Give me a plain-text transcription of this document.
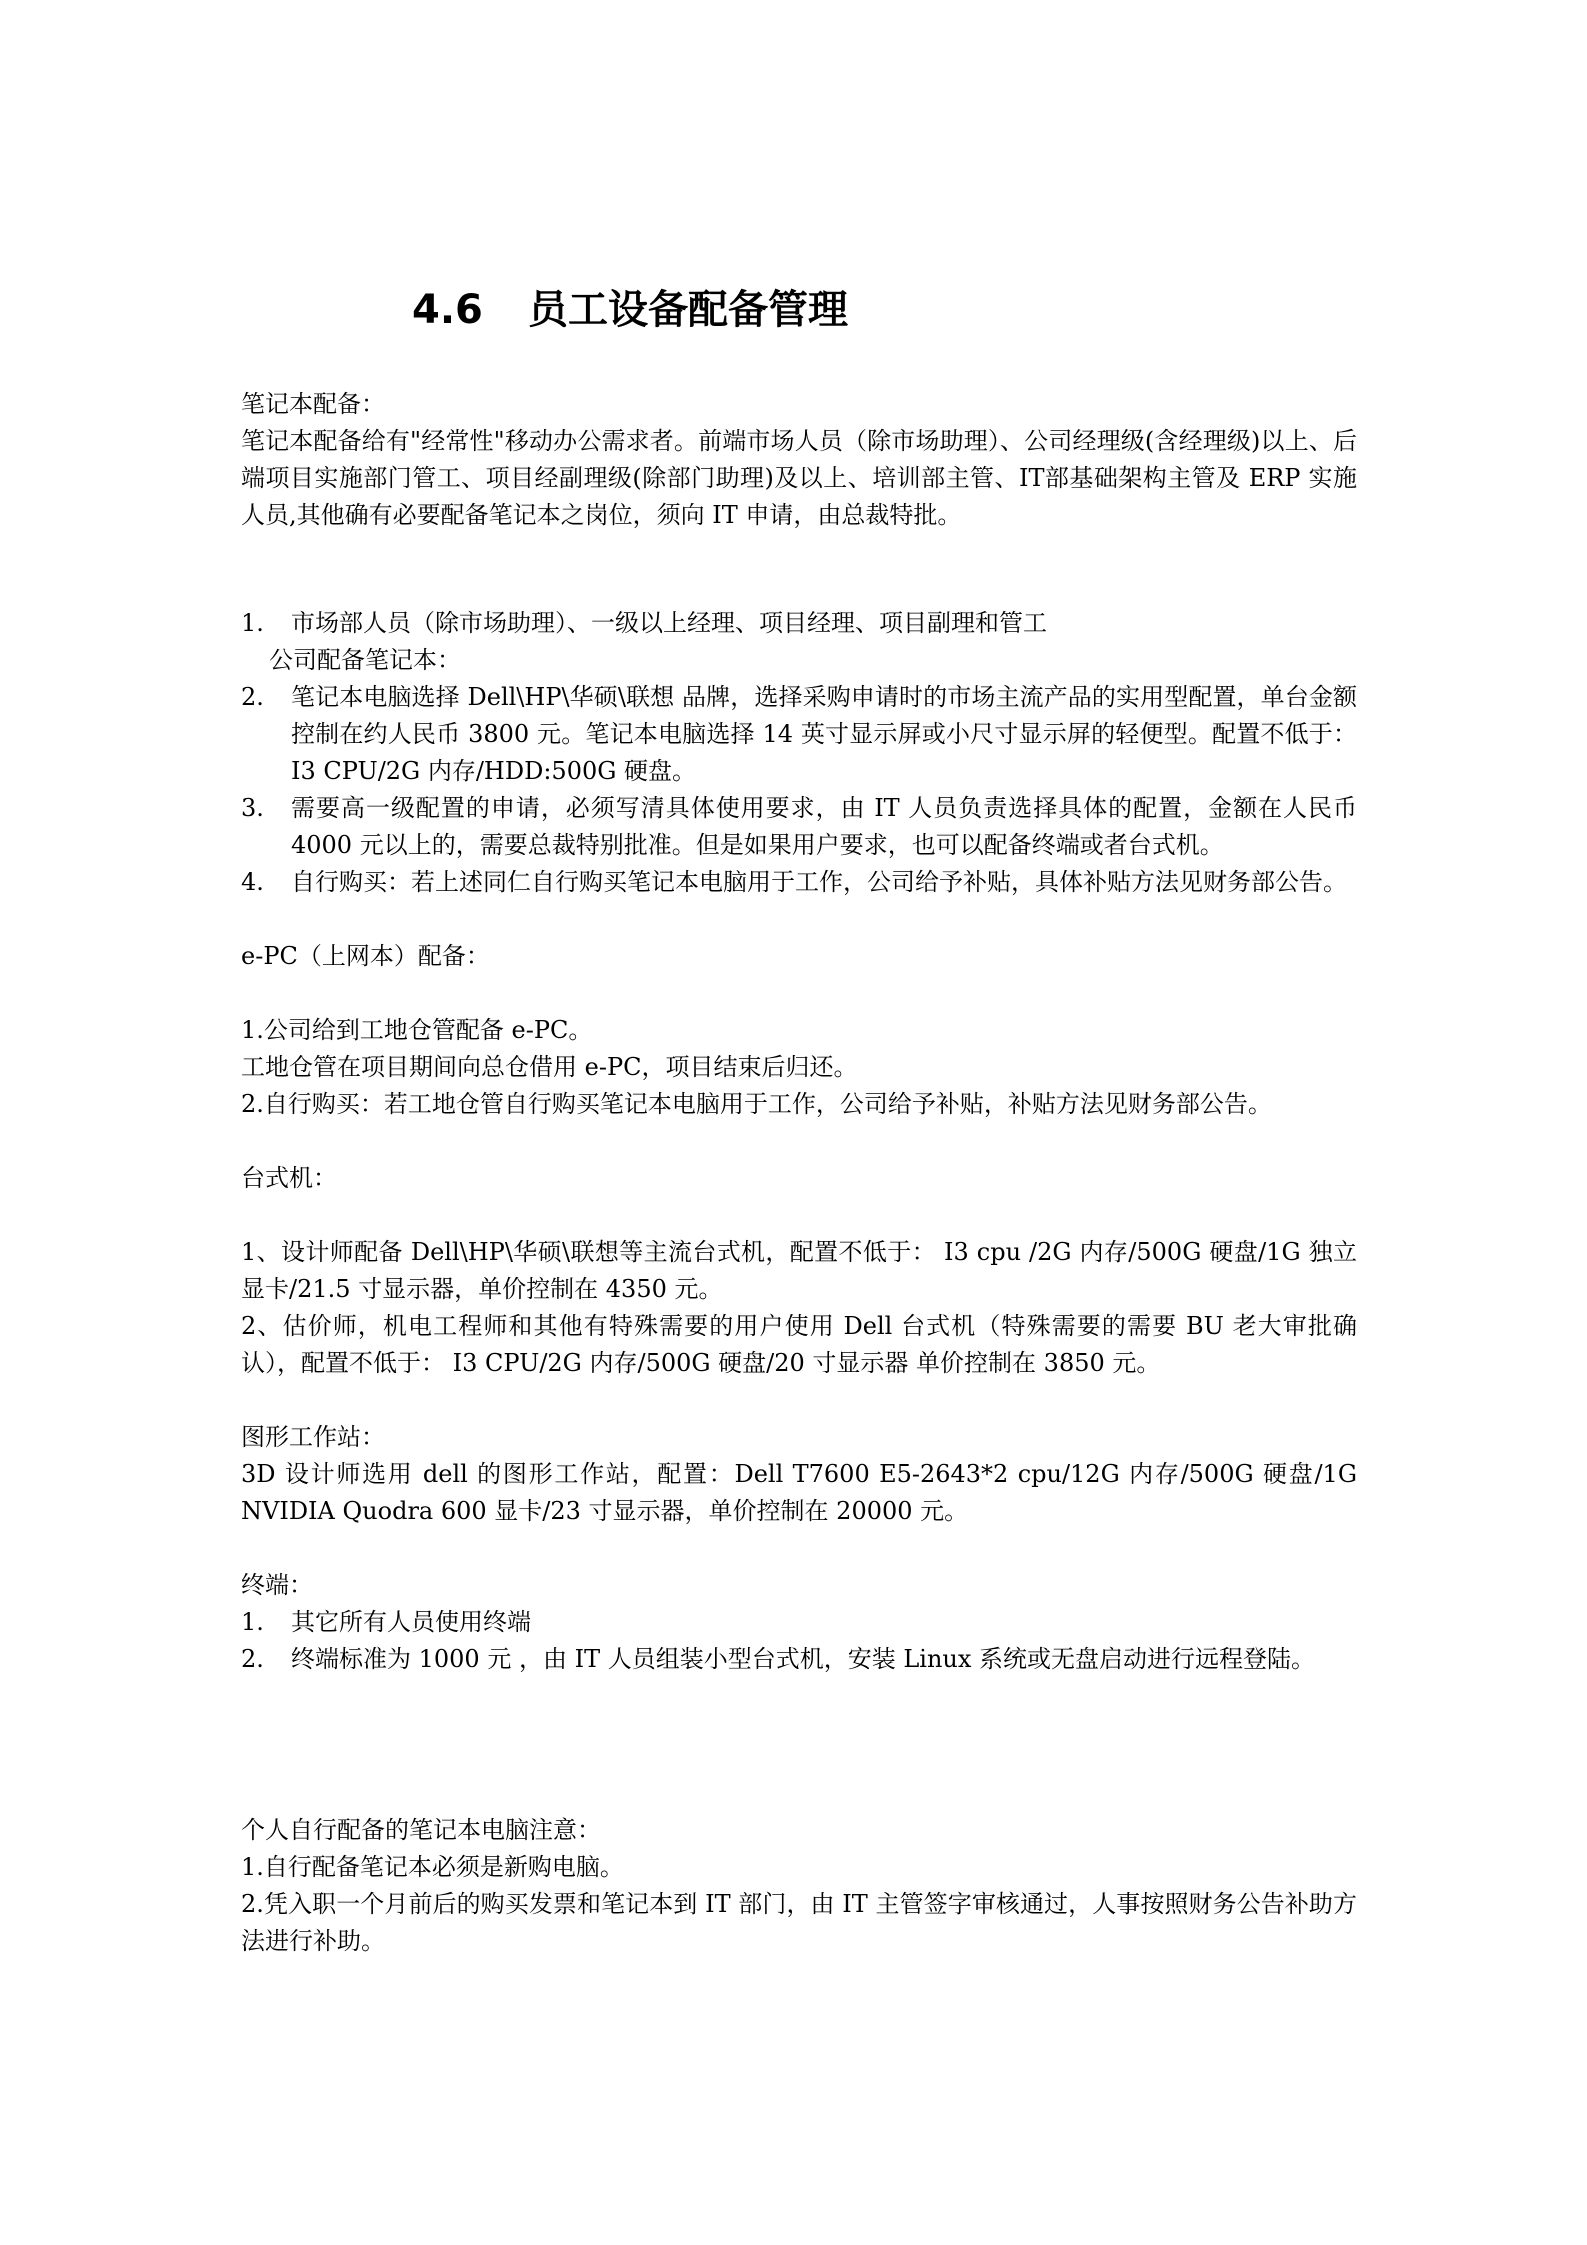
4.6 员工设备配备管理

笔记本配备：

笔记本配备给有"经常性"移动办公需求者。前端市场人员（除市场助理）、公司经理级(含经理级)以上、后端项目实施部门管工、项目经副理级(除部门助理)及以上、培训部主管、IT部基础架构主管及 ERP 实施人员,其他确有必要配备笔记本之岗位，须向 IT 申请，由总裁特批。

1. 市场部人员（除市场助理）、一级以上经理、项目经理、项目副理和管工

公司配备笔记本：

2. 笔记本电脑选择 Dell\HP\华硕\联想 品牌，选择采购申请时的市场主流产品的实用型配置，单台金额控制在约人民币 3800 元。笔记本电脑选择 14 英寸显示屏或小尺寸显示屏的轻便型。配置不低于： I3 CPU/2G 内存/HDD:500G 硬盘。
3. 需要高一级配置的申请，必须写清具体使用要求，由 IT 人员负责选择具体的配置，金额在人民币 4000 元以上的，需要总裁特别批准。但是如果用户要求，也可以配备终端或者台式机。
4. 自行购买：若上述同仁自行购买笔记本电脑用于工作，公司给予补贴，具体补贴方法见财务部公告。

e-PC（上网本）配备：

1.公司给到工地仓管配备 e-PC。

工地仓管在项目期间向总仓借用 e-PC，项目结束后归还。

2.自行购买：若工地仓管自行购买笔记本电脑用于工作，公司给予补贴，补贴方法见财务部公告。

台式机：

1、设计师配备 Dell\HP\华硕\联想等主流台式机，配置不低于： I3 cpu /2G 内存/500G 硬盘/1G 独立显卡/21.5 寸显示器，单价控制在 4350 元。

2、估价师，机电工程师和其他有特殊需要的用户使用 Dell 台式机（特殊需要的需要 BU 老大审批确认），配置不低于： I3 CPU/2G 内存/500G 硬盘/20 寸显示器 单价控制在 3850 元。

图形工作站：

3D 设计师选用 dell 的图形工作站，配置：Dell T7600 E5-2643*2 cpu/12G 内存/500G 硬盘/1G NVIDIA Quodra 600 显卡/23 寸显示器，单价控制在 20000 元。

终端：

1. 其它所有人员使用终端
2. 终端标准为 1000 元 ，由 IT 人员组装小型台式机，安装 Linux 系统或无盘启动进行远程登陆。

个人自行配备的笔记本电脑注意：

1.自行配备笔记本必须是新购电脑。

2.凭入职一个月前后的购买发票和笔记本到 IT 部门，由 IT 主管签字审核通过，人事按照财务公告补助方法进行补助。
